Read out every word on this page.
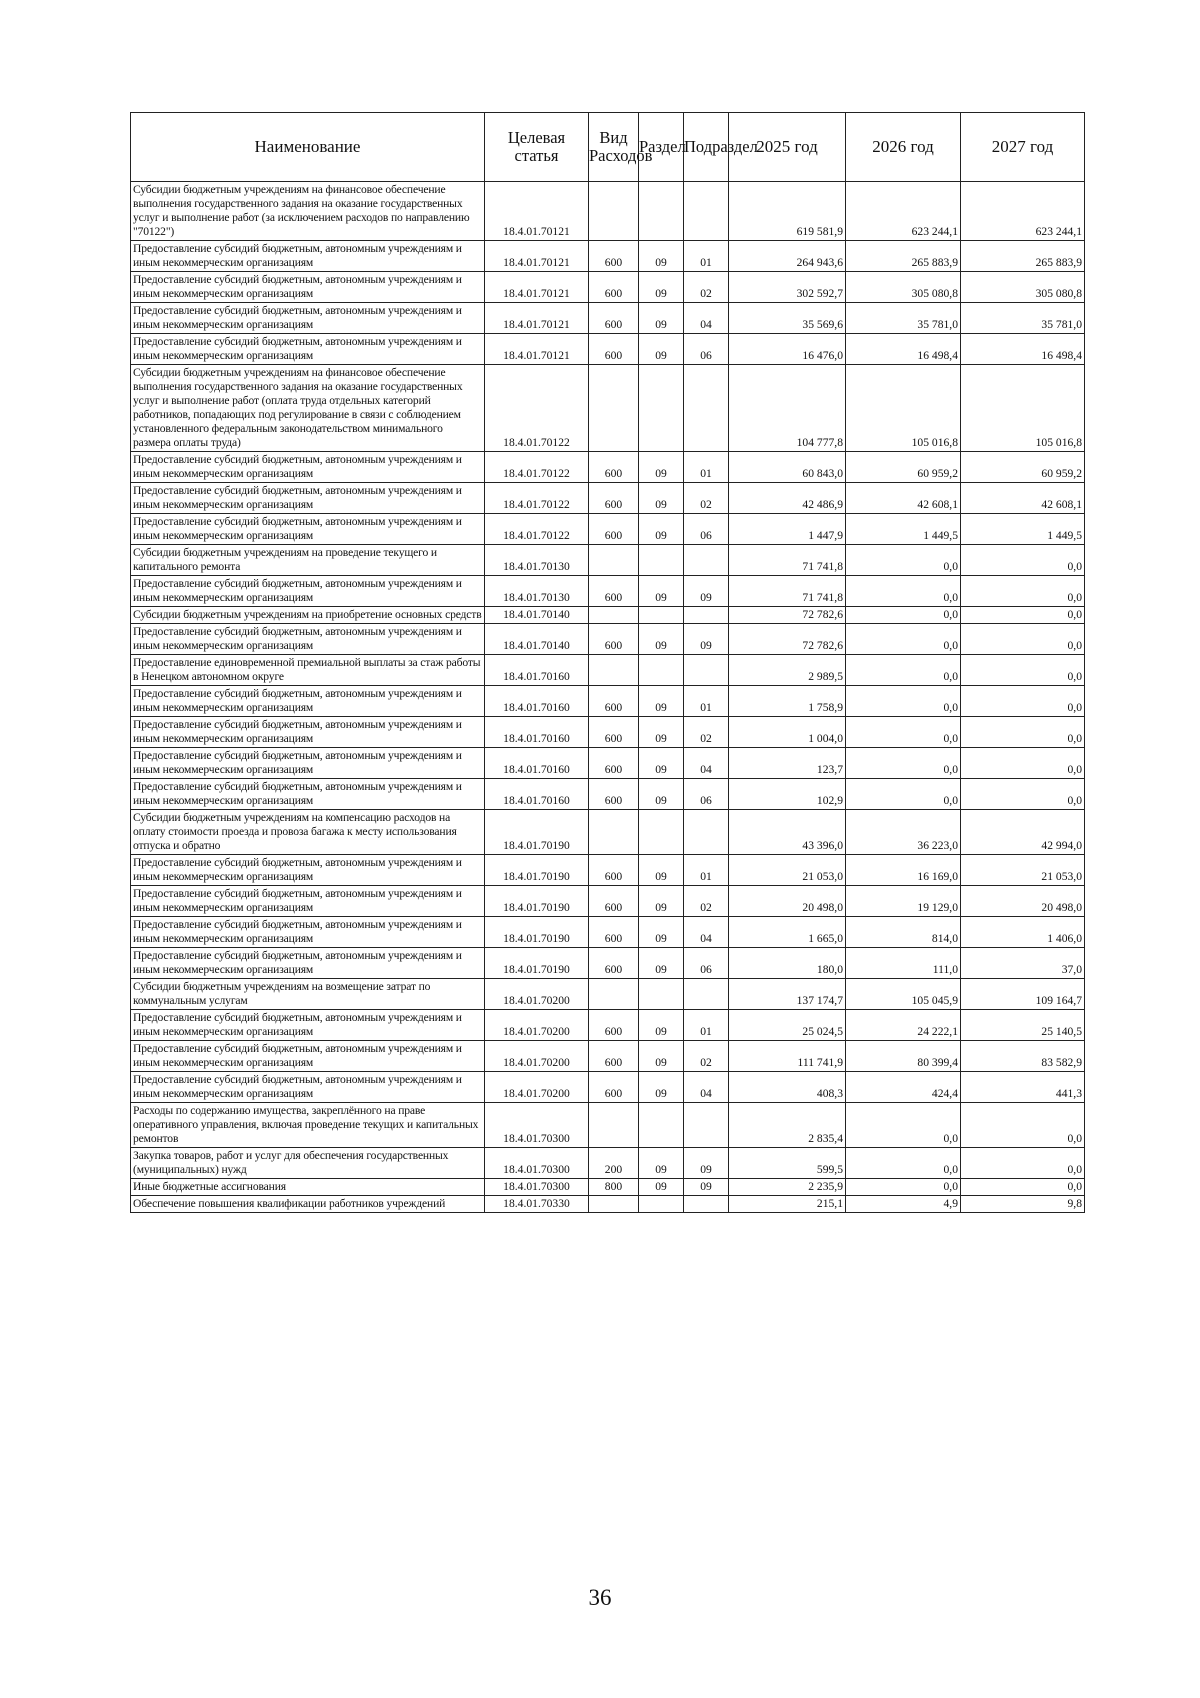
Наименование	Целевая статья	Вид Расходов	Раздел	Подраздел	2025 год	2026 год	2027 год
Субсидии бюджетным учреждениям на финансовое обеспечение выполнения государственного задания на оказание государственных услуг и выполнение работ (за исключением расходов по направлению "70122")	18.4.01.70121				619 581,9	623 244,1	623 244,1
Предоставление субсидий бюджетным, автономным учреждениям и иным некоммерческим организациям	18.4.01.70121	600	09	01	264 943,6	265 883,9	265 883,9
Предоставление субсидий бюджетным, автономным учреждениям и иным некоммерческим организациям	18.4.01.70121	600	09	02	302 592,7	305 080,8	305 080,8
Предоставление субсидий бюджетным, автономным учреждениям и иным некоммерческим организациям	18.4.01.70121	600	09	04	35 569,6	35 781,0	35 781,0
Предоставление субсидий бюджетным, автономным учреждениям и иным некоммерческим организациям	18.4.01.70121	600	09	06	16 476,0	16 498,4	16 498,4
Субсидии бюджетным учреждениям на финансовое обеспечение выполнения государственного задания на оказание государственных услуг и выполнение работ (оплата труда отдельных категорий работников, попадающих под регулирование в связи с соблюдением установленного федеральным законодательством минимального размера оплаты труда)	18.4.01.70122				104 777,8	105 016,8	105 016,8
Предоставление субсидий бюджетным, автономным учреждениям и иным некоммерческим организациям	18.4.01.70122	600	09	01	60 843,0	60 959,2	60 959,2
Предоставление субсидий бюджетным, автономным учреждениям и иным некоммерческим организациям	18.4.01.70122	600	09	02	42 486,9	42 608,1	42 608,1
Предоставление субсидий бюджетным, автономным учреждениям и иным некоммерческим организациям	18.4.01.70122	600	09	06	1 447,9	1 449,5	1 449,5
Субсидии бюджетным учреждениям на проведение текущего и капитального ремонта	18.4.01.70130				71 741,8	0,0	0,0
Предоставление субсидий бюджетным, автономным учреждениям и иным некоммерческим организациям	18.4.01.70130	600	09	09	71 741,8	0,0	0,0
Субсидии бюджетным учреждениям на приобретение основных средств	18.4.01.70140				72 782,6	0,0	0,0
Предоставление субсидий бюджетным, автономным учреждениям и иным некоммерческим организациям	18.4.01.70140	600	09	09	72 782,6	0,0	0,0
Предоставление единовременной премиальной выплаты за стаж работы в Ненецком автономном округе	18.4.01.70160				2 989,5	0,0	0,0
Предоставление субсидий бюджетным, автономным учреждениям и иным некоммерческим организациям	18.4.01.70160	600	09	01	1 758,9	0,0	0,0
Предоставление субсидий бюджетным, автономным учреждениям и иным некоммерческим организациям	18.4.01.70160	600	09	02	1 004,0	0,0	0,0
Предоставление субсидий бюджетным, автономным учреждениям и иным некоммерческим организациям	18.4.01.70160	600	09	04	123,7	0,0	0,0
Предоставление субсидий бюджетным, автономным учреждениям и иным некоммерческим организациям	18.4.01.70160	600	09	06	102,9	0,0	0,0
Субсидии бюджетным учреждениям на компенсацию расходов на оплату стоимости проезда и провоза багажа к месту использования отпуска и обратно	18.4.01.70190				43 396,0	36 223,0	42 994,0
Предоставление субсидий бюджетным, автономным учреждениям и иным некоммерческим организациям	18.4.01.70190	600	09	01	21 053,0	16 169,0	21 053,0
Предоставление субсидий бюджетным, автономным учреждениям и иным некоммерческим организациям	18.4.01.70190	600	09	02	20 498,0	19 129,0	20 498,0
Предоставление субсидий бюджетным, автономным учреждениям и иным некоммерческим организациям	18.4.01.70190	600	09	04	1 665,0	814,0	1 406,0
Предоставление субсидий бюджетным, автономным учреждениям и иным некоммерческим организациям	18.4.01.70190	600	09	06	180,0	111,0	37,0
Субсидии бюджетным учреждениям на возмещение затрат по коммунальным услугам	18.4.01.70200				137 174,7	105 045,9	109 164,7
Предоставление субсидий бюджетным, автономным учреждениям и иным некоммерческим организациям	18.4.01.70200	600	09	01	25 024,5	24 222,1	25 140,5
Предоставление субсидий бюджетным, автономным учреждениям и иным некоммерческим организациям	18.4.01.70200	600	09	02	111 741,9	80 399,4	83 582,9
Предоставление субсидий бюджетным, автономным учреждениям и иным некоммерческим организациям	18.4.01.70200	600	09	04	408,3	424,4	441,3
Расходы по содержанию имущества, закреплённого на праве оперативного управления, включая проведение текущих и капитальных ремонтов	18.4.01.70300				2 835,4	0,0	0,0
Закупка товаров, работ и услуг для обеспечения государственных (муниципальных) нужд	18.4.01.70300	200	09	09	599,5	0,0	0,0
Иные бюджетные ассигнования	18.4.01.70300	800	09	09	2 235,9	0,0	0,0
Обеспечение повышения квалификации работников учреждений	18.4.01.70330				215,1	4,9	9,8
36
